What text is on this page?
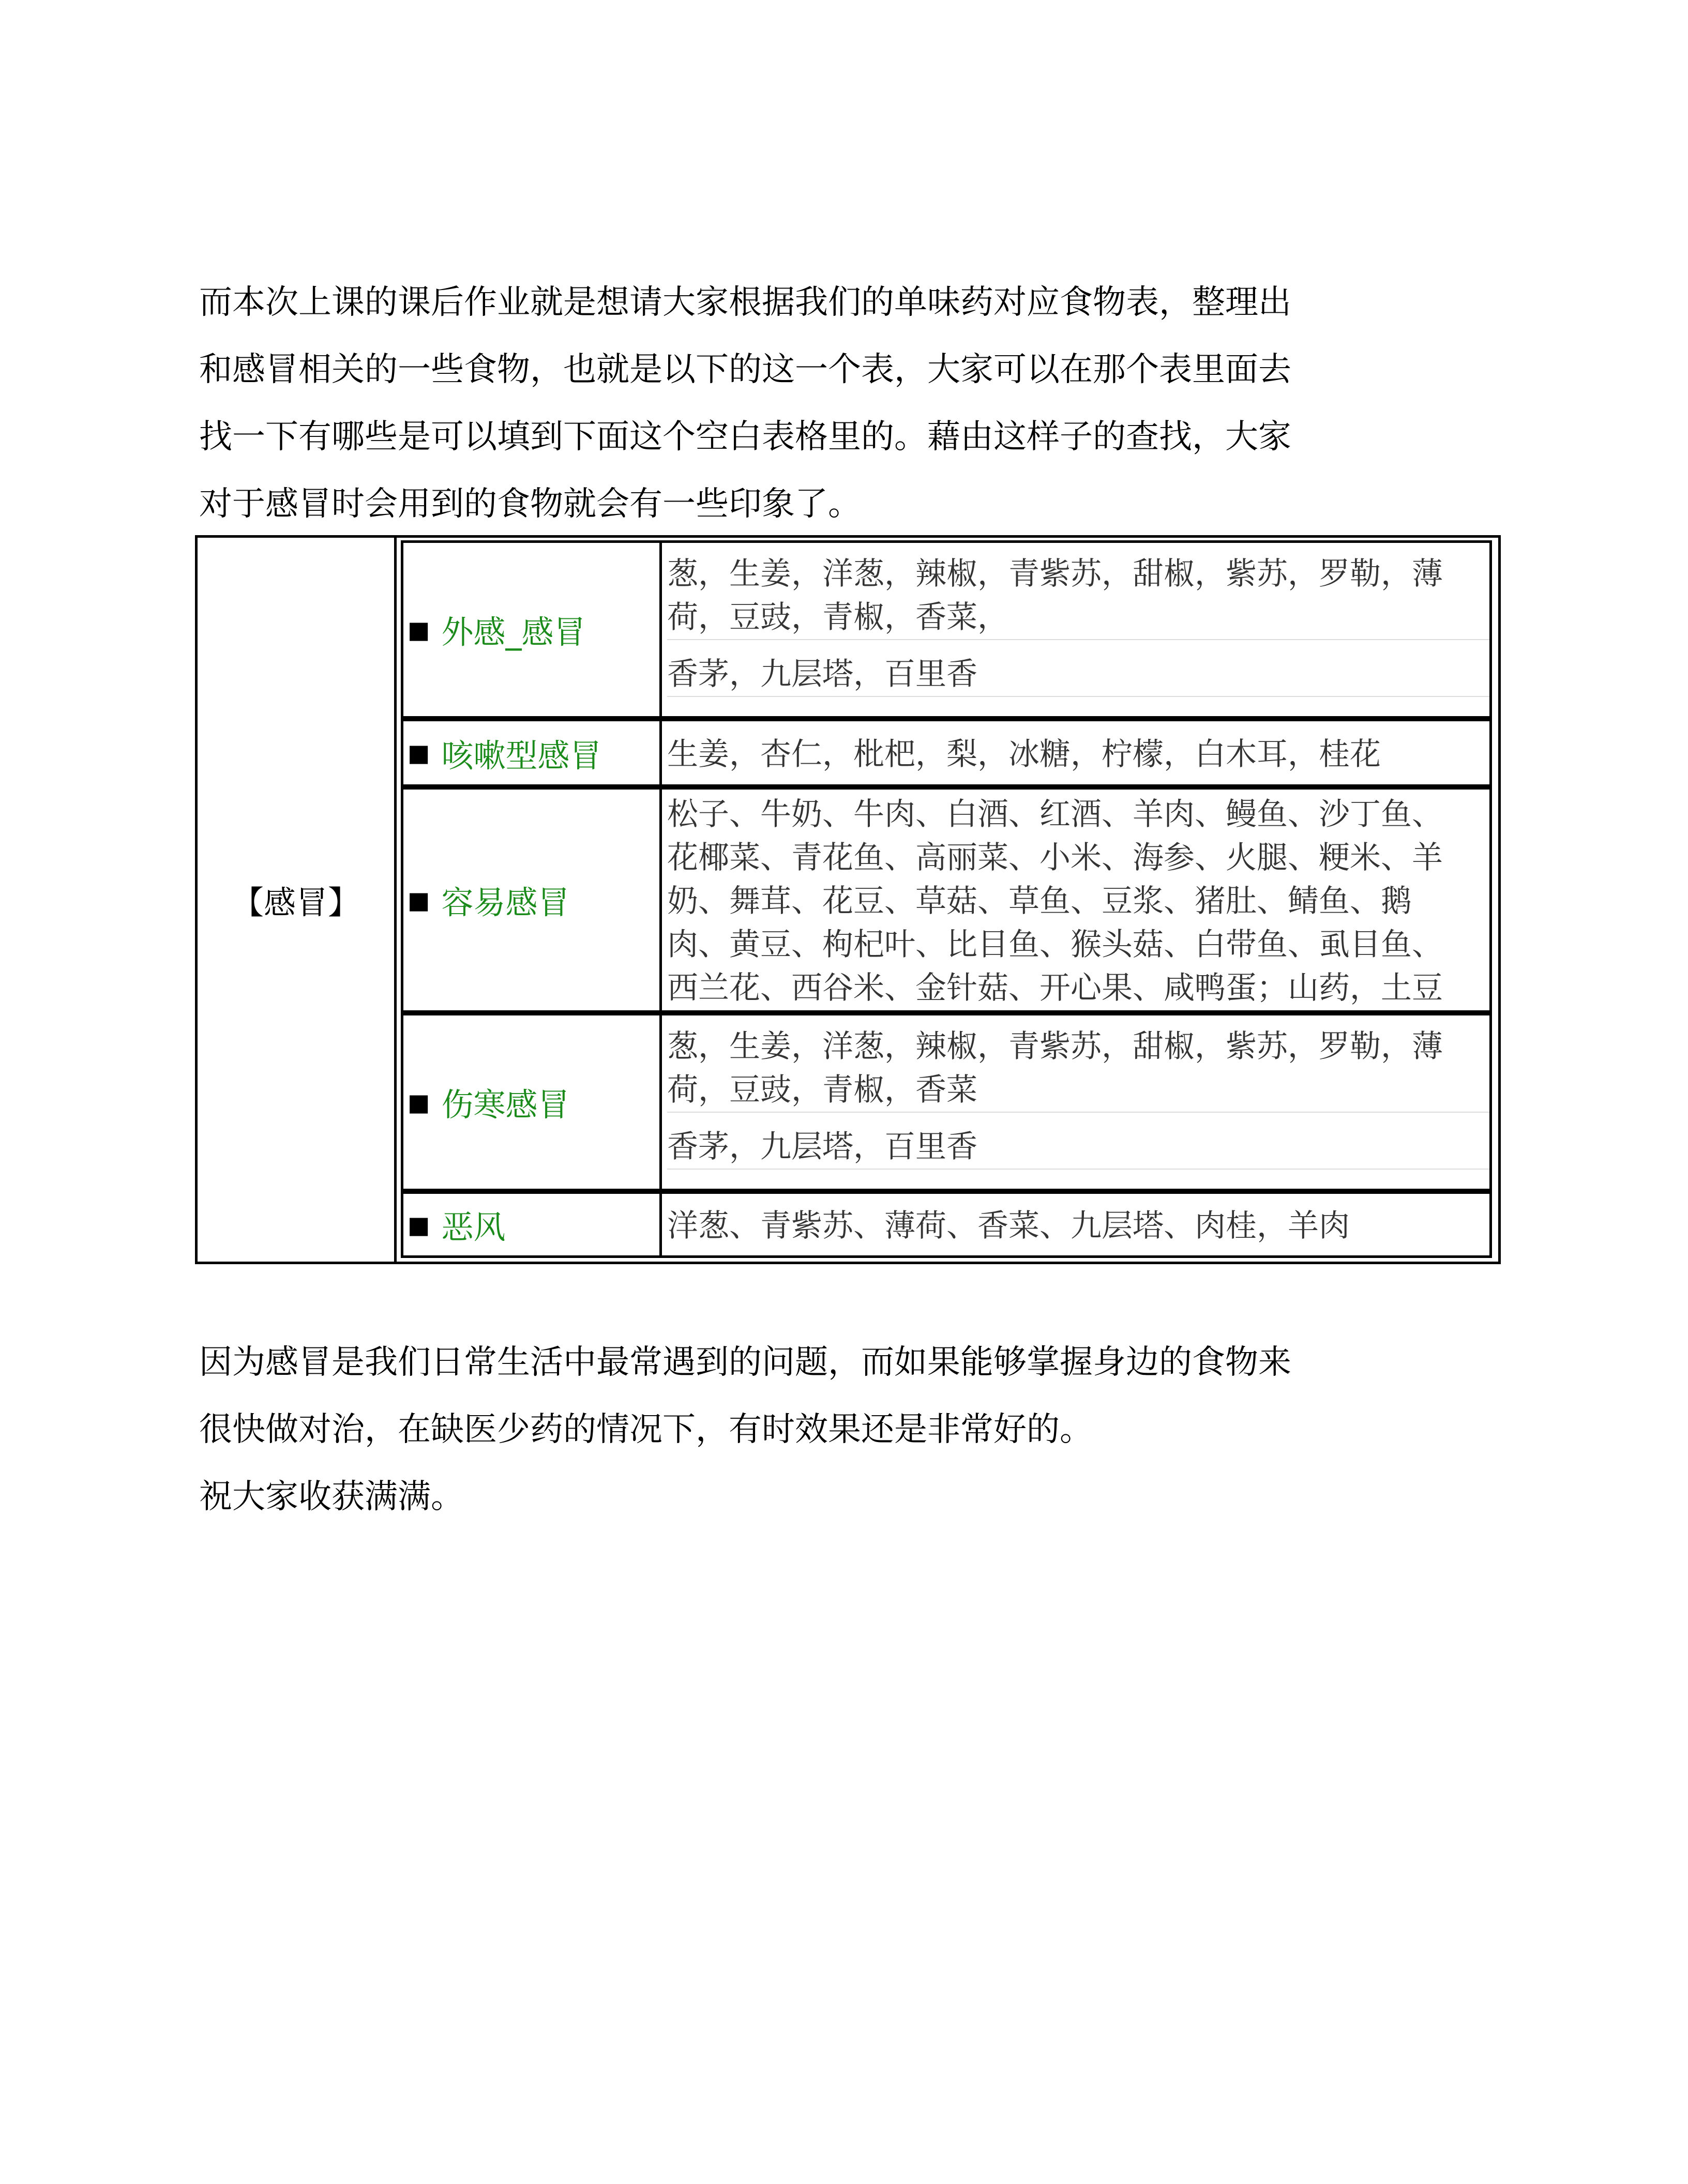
而本次上课的课后作业就是想请大家根据我们的单味药对应食物表，整理出
和感冒相关的一些食物，也就是以下的这一个表，大家可以在那个表里面去
找一下有哪些是可以填到下面这个空白表格里的。藉由这样子的查找，大家
对于感冒时会用到的食物就会有一些印象了。
【感冒】
■ 外感_感冒
葱，生姜，洋葱，辣椒，青紫苏，甜椒，紫苏，罗勒，薄
荷，豆豉，青椒，香菜，
香茅，九层塔，百里香
■ 咳嗽型感冒 生姜，杏仁，枇杷，梨，冰糖，柠檬，白木耳，桂花
■ 容易感冒
松子、牛奶、牛肉、白酒、红酒、羊肉、鳗鱼、沙丁鱼、
花椰菜、青花鱼、高丽菜、小米、海参、火腿、粳米、羊
奶、舞茸、花豆、草菇、草鱼、豆浆、猪肚、鲭鱼、鹅
肉、黄豆、枸杞叶、比目鱼、猴头菇、白带鱼、虱目鱼、
西兰花、西谷米、金针菇、开心果、咸鸭蛋；山药，土豆
■ 伤寒感冒
葱，生姜，洋葱，辣椒，青紫苏，甜椒，紫苏，罗勒，薄
荷，豆豉，青椒，香菜
香茅，九层塔，百里香
■ 恶风	洋葱、青紫苏、薄荷、香菜、九层塔、肉桂，羊肉
因为感冒是我们日常生活中最常遇到的问题，而如果能够掌握身边的食物来
很快做对治，在缺医少药的情况下，有时效果还是非常好的。
祝大家收获满满。
